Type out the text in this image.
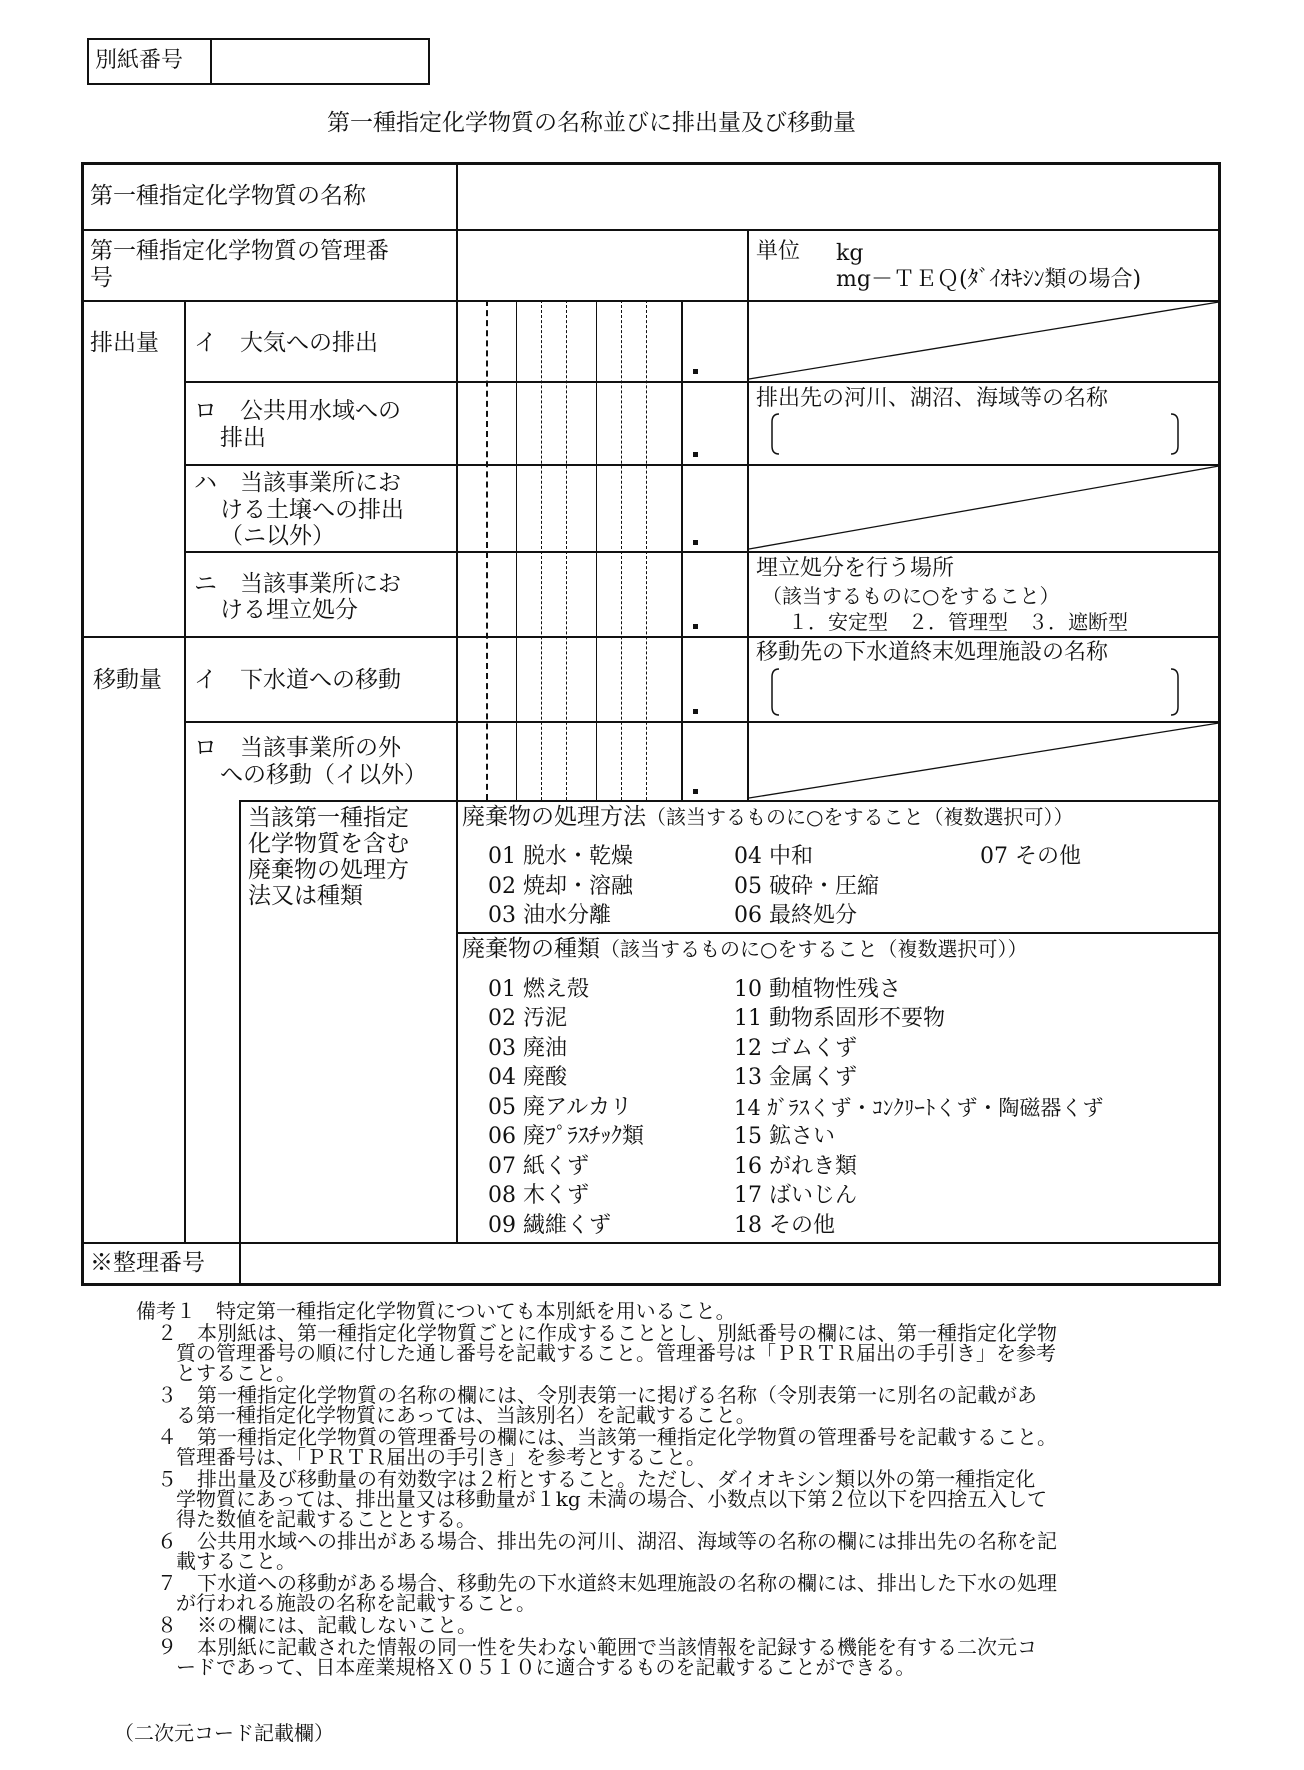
別紙番号
第一種指定化学物質の名称並びに排出量及び移動量
第一種指定化学物質の名称
第一種指定化学物質の管理番
号
単位 kg
mg－ＴＥＱ(ﾀﾞｲｵｷｼﾝ類の場合)
排出量 イ　大気への排出
ロ　公共用水域への
排出
排出先の河川、湖沼、海域等の名称
ハ　当該事業所にお
ける土壌への排出
（ニ以外）
ニ　当該事業所にお
ける埋立処分
埋立処分を行う場所
（該当するものに○をすること）
１．安定型　２．管理型　３．遮断型
移動量 イ　下水道への移動
移動先の下水道終末処理施設の名称
ロ　当該事業所の外
への移動（イ以外）
当該第一種指定
化学物質を含む
廃棄物の処理方
法又は種類
廃棄物の処理方法（該当するものに○をすること（複数選択可））
01 脱水・乾燥
02 焼却・溶融
03 油水分離
04 中和
05 破砕・圧縮
06 最終処分
07 その他
廃棄物の種類（該当するものに○をすること（複数選択可））
01 燃え殻
02 汚泥
03 廃油
04 廃酸
05 廃アルカリ
06 廃ﾌﾟﾗｽﾁｯｸ類
07 紙くず
08 木くず
09 繊維くず
10 動植物性残さ
11 動物系固形不要物
12 ゴムくず
13 金属くず
14 ｶﾞﾗｽくず・ｺﾝｸﾘｰﾄくず・陶磁器くず
15 鉱さい
16 がれき類
17 ばいじん
18 その他
※整理番号
備考１　特定第一種指定化学物質についても本別紙を用いること。
２　本別紙は、第一種指定化学物質ごとに作成することとし、別紙番号の欄には、第一種指定化学物
質の管理番号の順に付した通し番号を記載すること。管理番号は「ＰＲＴＲ届出の手引き」を参考
とすること。
３　第一種指定化学物質の名称の欄には、令別表第一に掲げる名称（令別表第一に別名の記載があ
る第一種指定化学物質にあっては、当該別名）を記載すること。
４　第一種指定化学物質の管理番号の欄には、当該第一種指定化学物質の管理番号を記載すること。
管理番号は、「ＰＲＴＲ届出の手引き」を参考とすること。
５　排出量及び移動量の有効数字は２桁とすること。ただし、ダイオキシン類以外の第一種指定化
学物質にあっては、排出量又は移動量が１kg 未満の場合、小数点以下第２位以下を四捨五入して
得た数値を記載することとする。
６　公共用水域への排出がある場合、排出先の河川、湖沼、海域等の名称の欄には排出先の名称を記
載すること。
７　下水道への移動がある場合、移動先の下水道終末処理施設の名称の欄には、排出した下水の処理
が行われる施設の名称を記載すること。
８　※の欄には、記載しないこと。
９　本別紙に記載された情報の同一性を失わない範囲で当該情報を記録する機能を有する二次元コ
ードであって、日本産業規格Ｘ０５１０に適合するものを記載することができる。
（二次元コード記載欄）
